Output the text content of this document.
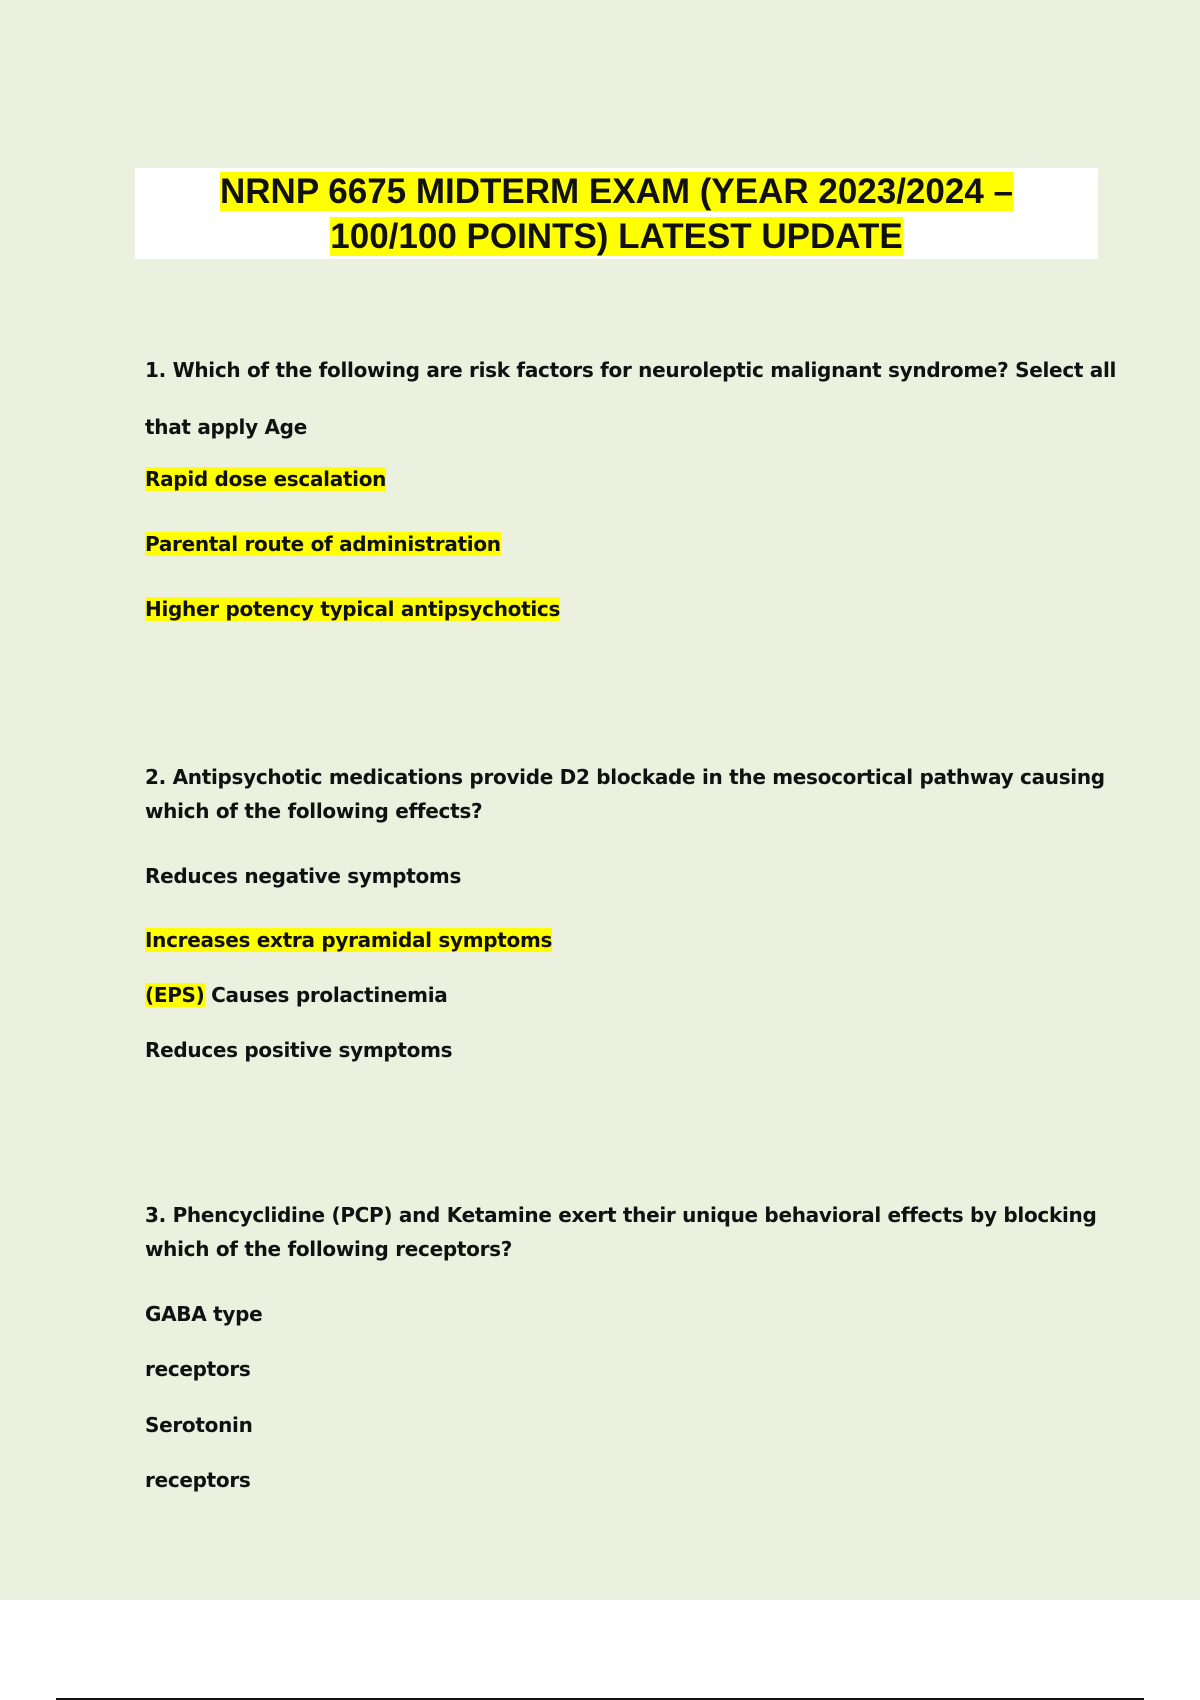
NRNP 6675 MIDTERM EXAM (YEAR 2023/2024 –
100/100 POINTS) LATEST UPDATE
1. Which of the following are risk factors for neuroleptic malignant syndrome? Select all
that apply Age
Rapid dose escalation
Parental route of administration
Higher potency typical antipsychotics
2. Antipsychotic medications provide D2 blockade in the mesocortical pathway causing
which of the following effects?
Reduces negative symptoms
Increases extra pyramidal symptoms
(EPS) Causes prolactinemia
Reduces positive symptoms
3. Phencyclidine (PCP) and Ketamine exert their unique behavioral effects by blocking
which of the following receptors?
GABA type
receptors
Serotonin
receptors
